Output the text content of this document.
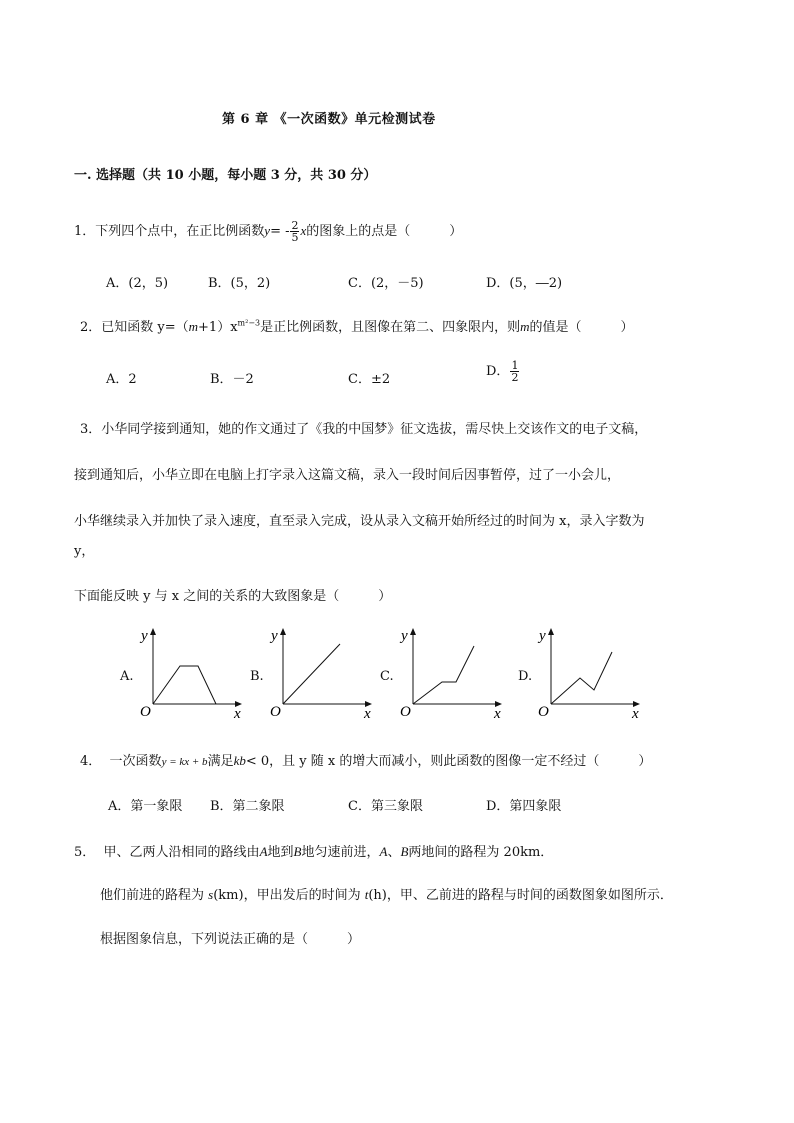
第 6 章 《一次函数》单元检测试卷
一. 选择题（共 10 小题，每小题 3 分，共 30 分）
1．下列四个点中，在正比例函数$y= - \frac{2}{5}$ x的图象上的点是（　　　）
A．(2，5)	B．(5，2)	C．(2，－5)	D．(5，―2)
2．已知函数 $y=(m+1)x^{m^2-3}$是正比例函数，且图像在第二、四象限内，则m的值是（　　　）
A．2	B．－2	C．±2
D． $\frac{1}{2}$
3．小华同学接到通知，她的作文通过了《我的中国梦》征文选拔，需尽快上交该作文的电子文稿，
接到通知后，小华立即在电脑上打字录入这篇文稿，录入一段时间后因事暂停，过了一小会儿，
小华继续录入并加快了录入速度，直至录入完成，设从录入文稿开始所经过的时间为 x，录入字数为
y，
下面能反映 y 与 x 之间的关系的大致图象是（　　　）
A.
y
x
O
B.
y
x
O
C.
y
x
O
D.
y
x
O
4． 一次函数y = kx + b满足kb< 0，且 y 随 x 的增大而减小，则此函数的图像一定不经过（　　　）
A．第一象限 B．第二象限	C．第三象限	D．第四象限
5． 甲、乙两人沿相同的路线由A地到B地匀速前进，A、B两地间的路程为 20km．
他们前进的路程为 s(km)，甲出发后的时间为 t(h)，甲、乙前进的路程与时间的函数图象如图所示．
根据图象信息，下列说法正确的是（　　　）
